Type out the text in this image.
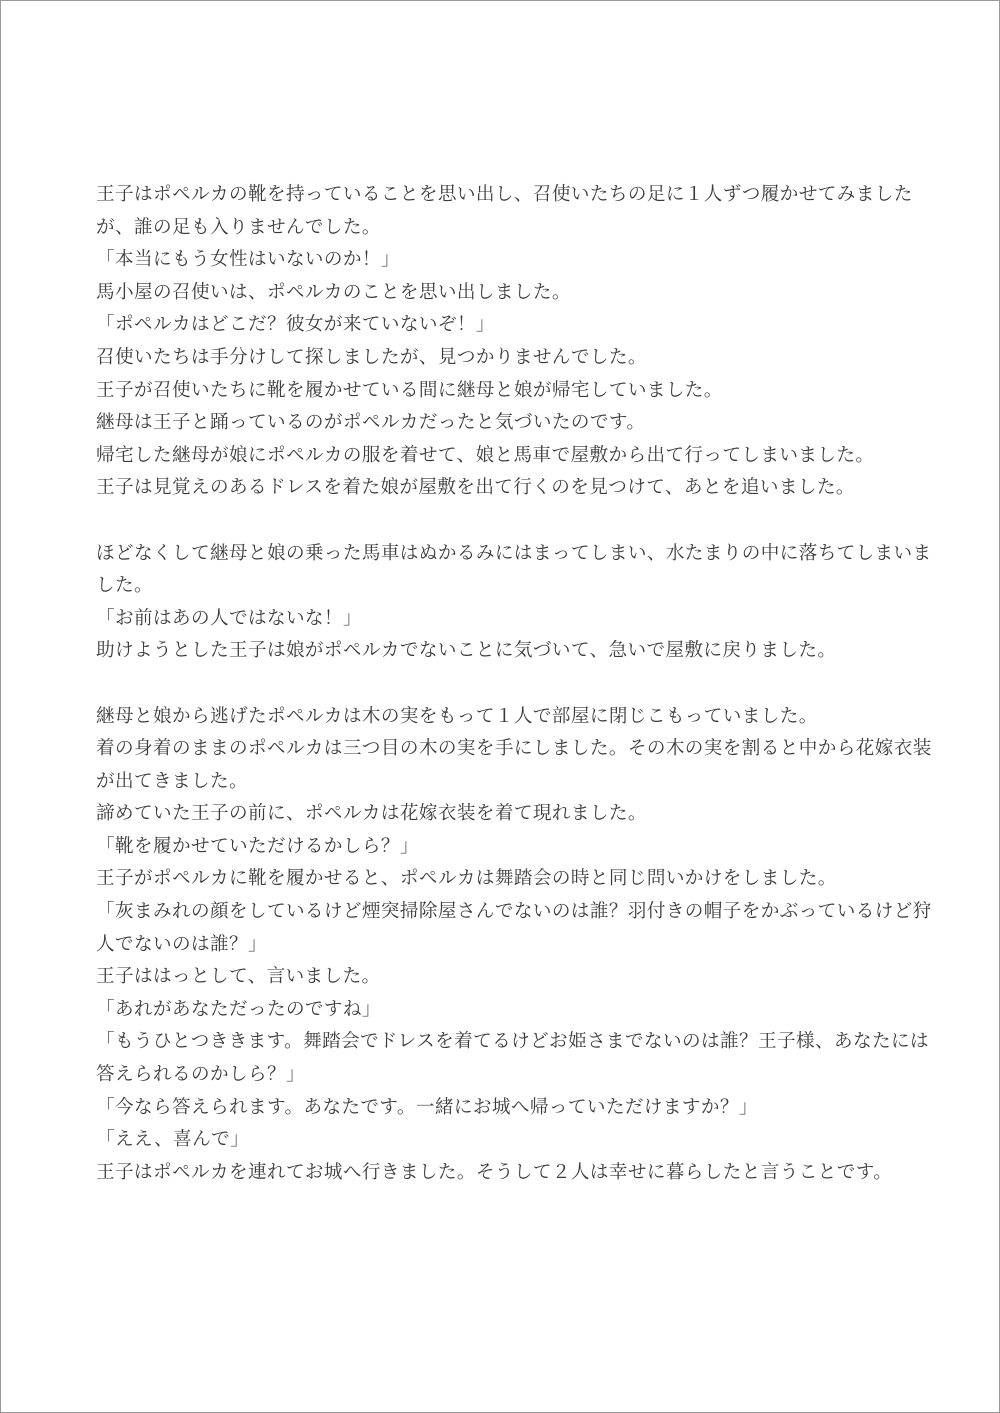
王子はポペルカの靴を持っていることを思い出し、召使いたちの足に１人ずつ履かせてみましたが、誰の足も入りませんでした。
「本当にもう女性はいないのか！」
馬小屋の召使いは、ポペルカのことを思い出しました。
「ポペルカはどこだ？彼女が来ていないぞ！」
召使いたちは手分けして探しましたが、見つかりませんでした。
王子が召使いたちに靴を履かせている間に継母と娘が帰宅していました。
継母は王子と踊っているのがポペルカだったと気づいたのです。
帰宅した継母が娘にポペルカの服を着せて、娘と馬車で屋敷から出て行ってしまいました。
王子は見覚えのあるドレスを着た娘が屋敷を出て行くのを見つけて、あとを追いました。
ほどなくして継母と娘の乗った馬車はぬかるみにはまってしまい、水たまりの中に落ちてしまいました。
「お前はあの人ではないな！」
助けようとした王子は娘がポペルカでないことに気づいて、急いで屋敷に戻りました。
継母と娘から逃げたポペルカは木の実をもって１人で部屋に閉じこもっていました。
着の身着のままのポペルカは三つ目の木の実を手にしました。その木の実を割ると中から花嫁衣装が出てきました。
諦めていた王子の前に、ポペルカは花嫁衣装を着て現れました。
「靴を履かせていただけるかしら？」
王子がポペルカに靴を履かせると、ポペルカは舞踏会の時と同じ問いかけをしました。
「灰まみれの顔をしているけど煙突掃除屋さんでないのは誰？羽付きの帽子をかぶっているけど狩人でないのは誰？」
王子ははっとして、言いました。
「あれがあなただったのですね」
「もうひとつききます。舞踏会でドレスを着てるけどお姫さまでないのは誰？王子様、あなたには答えられるのかしら？」
「今なら答えられます。あなたです。一緒にお城へ帰っていただけますか？」
「ええ、喜んで」
王子はポペルカを連れてお城へ行きました。そうして２人は幸せに暮らしたと言うことです。
